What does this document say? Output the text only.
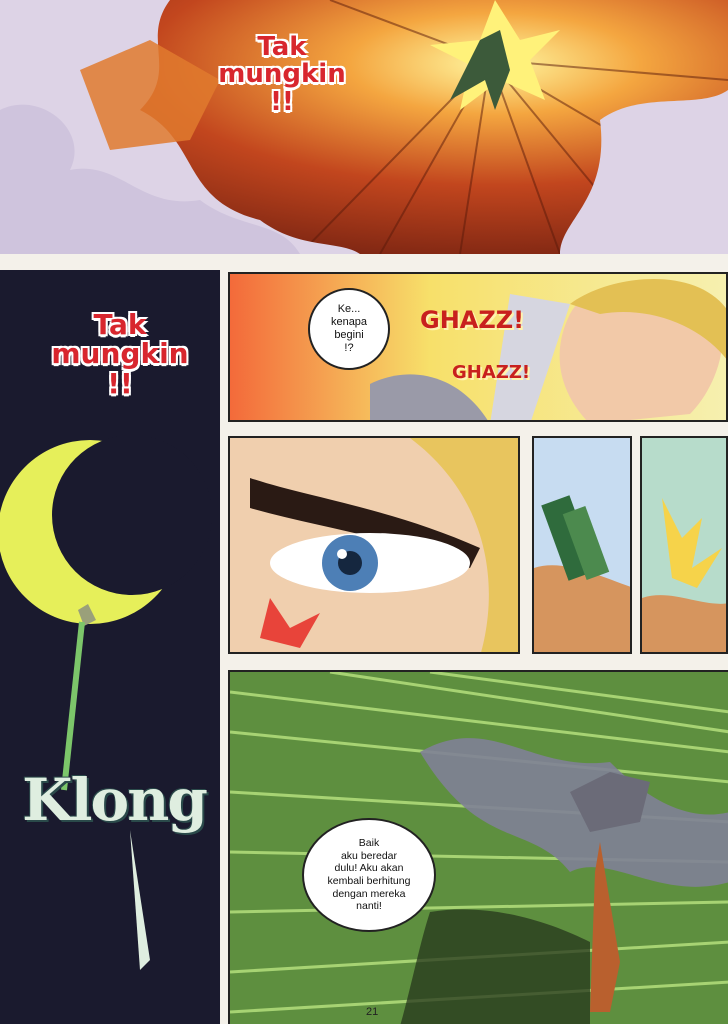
Tak
mungkin
!!
Tak
mungkin
!!
Klong
Ke...
kenapa
begini
!?
GHAZZ!
GHAZZ!
Baik
aku beredar
dulu! Aku akan
kembali berhitung
dengan mereka
nanti!
21
